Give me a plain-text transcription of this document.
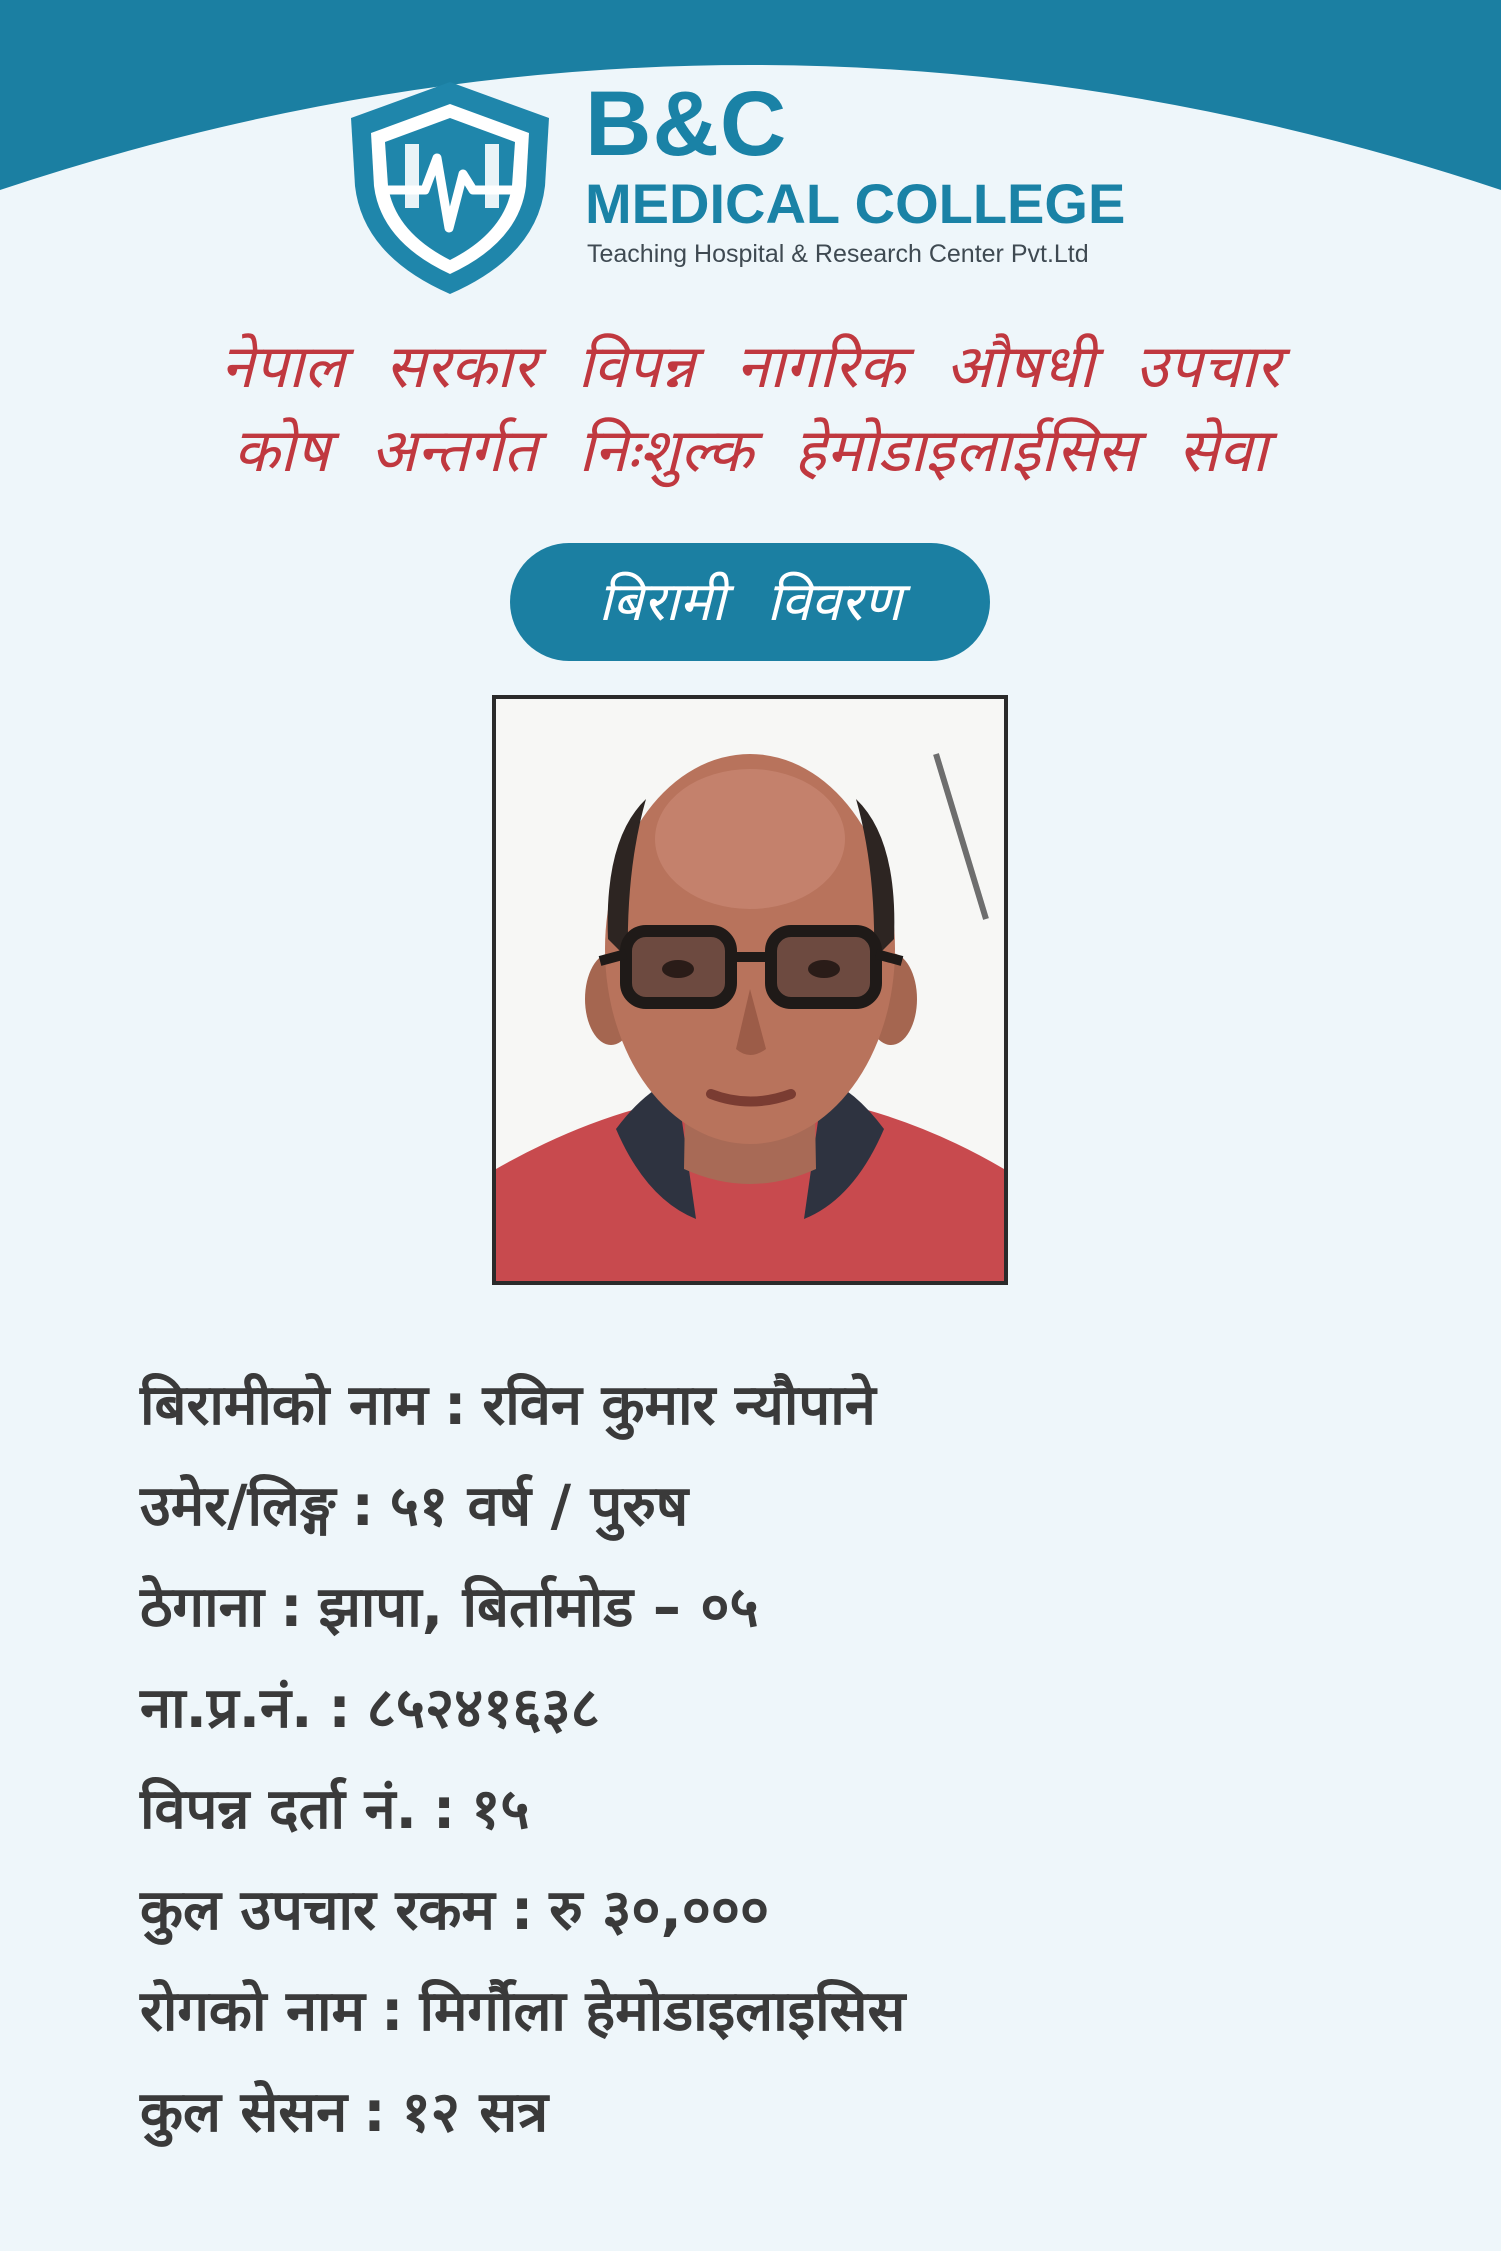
B&C
MEDICAL COLLEGE
Teaching Hospital & Research Center Pvt.Ltd
नेपाल सरकार विपन्न नागरिक औषधी उपचार
कोष अन्तर्गत निःशुल्क हेमोडाइलाईसिस सेवा
बिरामी विवरण
बिरामीको नाम : रविन कुमार न्यौपाने
उमेर/लिङ्ग : ५१ वर्ष / पुरुष
ठेगाना : झापा, बिर्तामोड – ०५
ना.प्र.नं. : ८५२४१६३८
विपन्न दर्ता नं. : १५
कुल उपचार रकम : रु ३०,०००
रोगको नाम : मिर्गौला हेमोडाइलाइसिस
कुल सेसन : १२ सत्र
